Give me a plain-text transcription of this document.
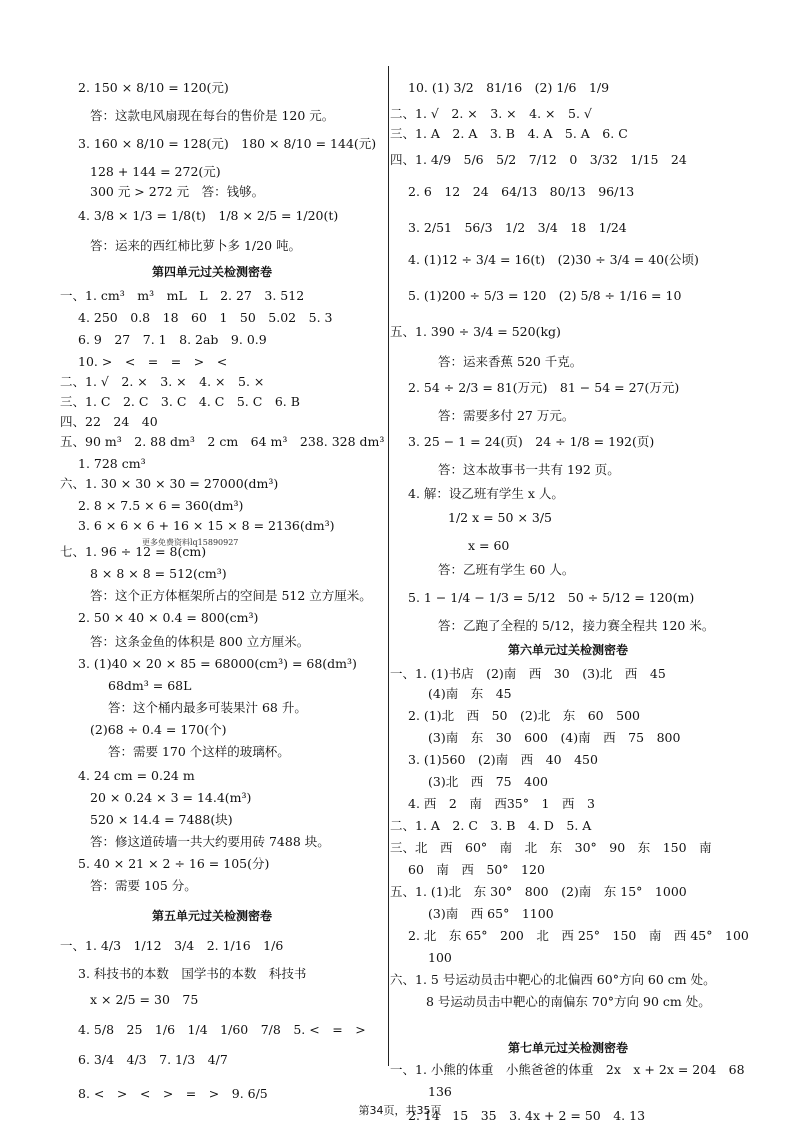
2. 150 × 8/10 = 120(元)
答：这款电风扇现在每台的售价是 120 元。
3. 160 × 8/10 = 128(元)　180 × 8/10 = 144(元)
128 + 144 = 272(元)
300 元 > 272 元　答：钱够。
4. 3/8 × 1/3 = 1/8(t)　1/8 × 2/5 = 1/20(t)
答：运来的西红柿比萝卜多 1/20 吨。
第四单元过关检测密卷
一、1. cm³　m³　mL　L　2. 27　3. 512
4. 250　0.8　18　60　1　50　5.02　5. 3
6. 9　27　7. 1　8. 2ab　9. 0.9
10. >　<　=　=　>　<
二、1. √　2. ×　3. ×　4. ×　5. ×
三、1. C　2. C　3. C　4. C　5. C　6. B
四、22　24　40
五、90 m³　2. 88 dm³　2 cm　64 m³　238. 328 dm³
1. 728 cm³
六、1. 30 × 30 × 30 = 27000(dm³)
2. 8 × 7.5 × 6 = 360(dm³)
3. 6 × 6 × 6 + 16 × 15 × 8 = 2136(dm³)
更多免费资料lq15890927
七、1. 96 ÷ 12 = 8(cm)
8 × 8 × 8 = 512(cm³)
答：这个正方体框架所占的空间是 512 立方厘米。
2. 50 × 40 × 0.4 = 800(cm³)
答：这条金鱼的体积是 800 立方厘米。
3. (1)40 × 20 × 85 = 68000(cm³) = 68(dm³)
68dm³ = 68L
答：这个桶内最多可装果汁 68 升。
(2)68 ÷ 0.4 = 170(个)
答：需要 170 个这样的玻璃杯。
4. 24 cm = 0.24 m
20 × 0.24 × 3 = 14.4(m³)
520 × 14.4 = 7488(块)
答：修这道砖墙一共大约要用砖 7488 块。
5. 40 × 21 × 2 ÷ 16 = 105(分)
答：需要 105 分。
第五单元过关检测密卷
一、1. 4/3　1/12　3/4　2. 1/16　1/6
3. 科技书的本数　国学书的本数　科技书
x × 2/5 = 30　75
4. 5/8　25　1/6　1/4　1/60　7/8　5. <　=　>
6. 3/4　4/3　7. 1/3　4/7
8. <　>　<　>　=　>　9. 6/5
10. (1) 3/2　81/16　(2) 1/6　1/9
二、1. √　2. ×　3. ×　4. ×　5. √
三、1. A　2. A　3. B　4. A　5. A　6. C
四、1. 4/9　5/6　5/2　7/12　0　3/32　1/15　24
2. 6　12　24　64/13　80/13　96/13
3. 2/51　56/3　1/2　3/4　18　1/24
4. (1)12 ÷ 3/4 = 16(t)　(2)30 ÷ 3/4 = 40(公顷)
5. (1)200 ÷ 5/3 = 120　(2) 5/8 ÷ 1/16 = 10
五、1. 390 ÷ 3/4 = 520(kg)
答：运来香蕉 520 千克。
2. 54 ÷ 2/3 = 81(万元)　81 − 54 = 27(万元)
答：需要多付 27 万元。
3. 25 − 1 = 24(页)　24 ÷ 1/8 = 192(页)
答：这本故事书一共有 192 页。
4. 解：设乙班有学生 x 人。
1/2 x = 50 × 3/5
x = 60
答：乙班有学生 60 人。
5. 1 − 1/4 − 1/3 = 5/12　50 ÷ 5/12 = 120(m)
答：乙跑了全程的 5/12，接力赛全程共 120 米。
第六单元过关检测密卷
一、1. (1)书店　(2)南　西　30　(3)北　西　45
(4)南　东　45
2. (1)北　西　50　(2)北　东　60　500
(3)南　东　30　600　(4)南　西　75　800
3. (1)560　(2)南　西　40　450
(3)北　西　75　400
4. 西　2　南　西35°　1　西　3
二、1. A　2. C　3. B　4. D　5. A
三、北　西　60°　南　北　东　30°　90　东　150　南
60　南　西　50°　120
五、1. (1)北　东 30°　800　(2)南　东 15°　1000
(3)南　西 65°　1100
2. 北　东 65°　200　北　西 25°　150　南　西 45°　100
100
六、1. 5 号运动员击中靶心的北偏西 60°方向 60 cm 处。
8 号运动员击中靶心的南偏东 70°方向 90 cm 处。
第七单元过关检测密卷
一、1. 小熊的体重　小熊爸爸的体重　2x　x + 2x = 204　68
136
2. 14　15　35　3. 4x + 2 = 50　4. 13
第34页，共35页
